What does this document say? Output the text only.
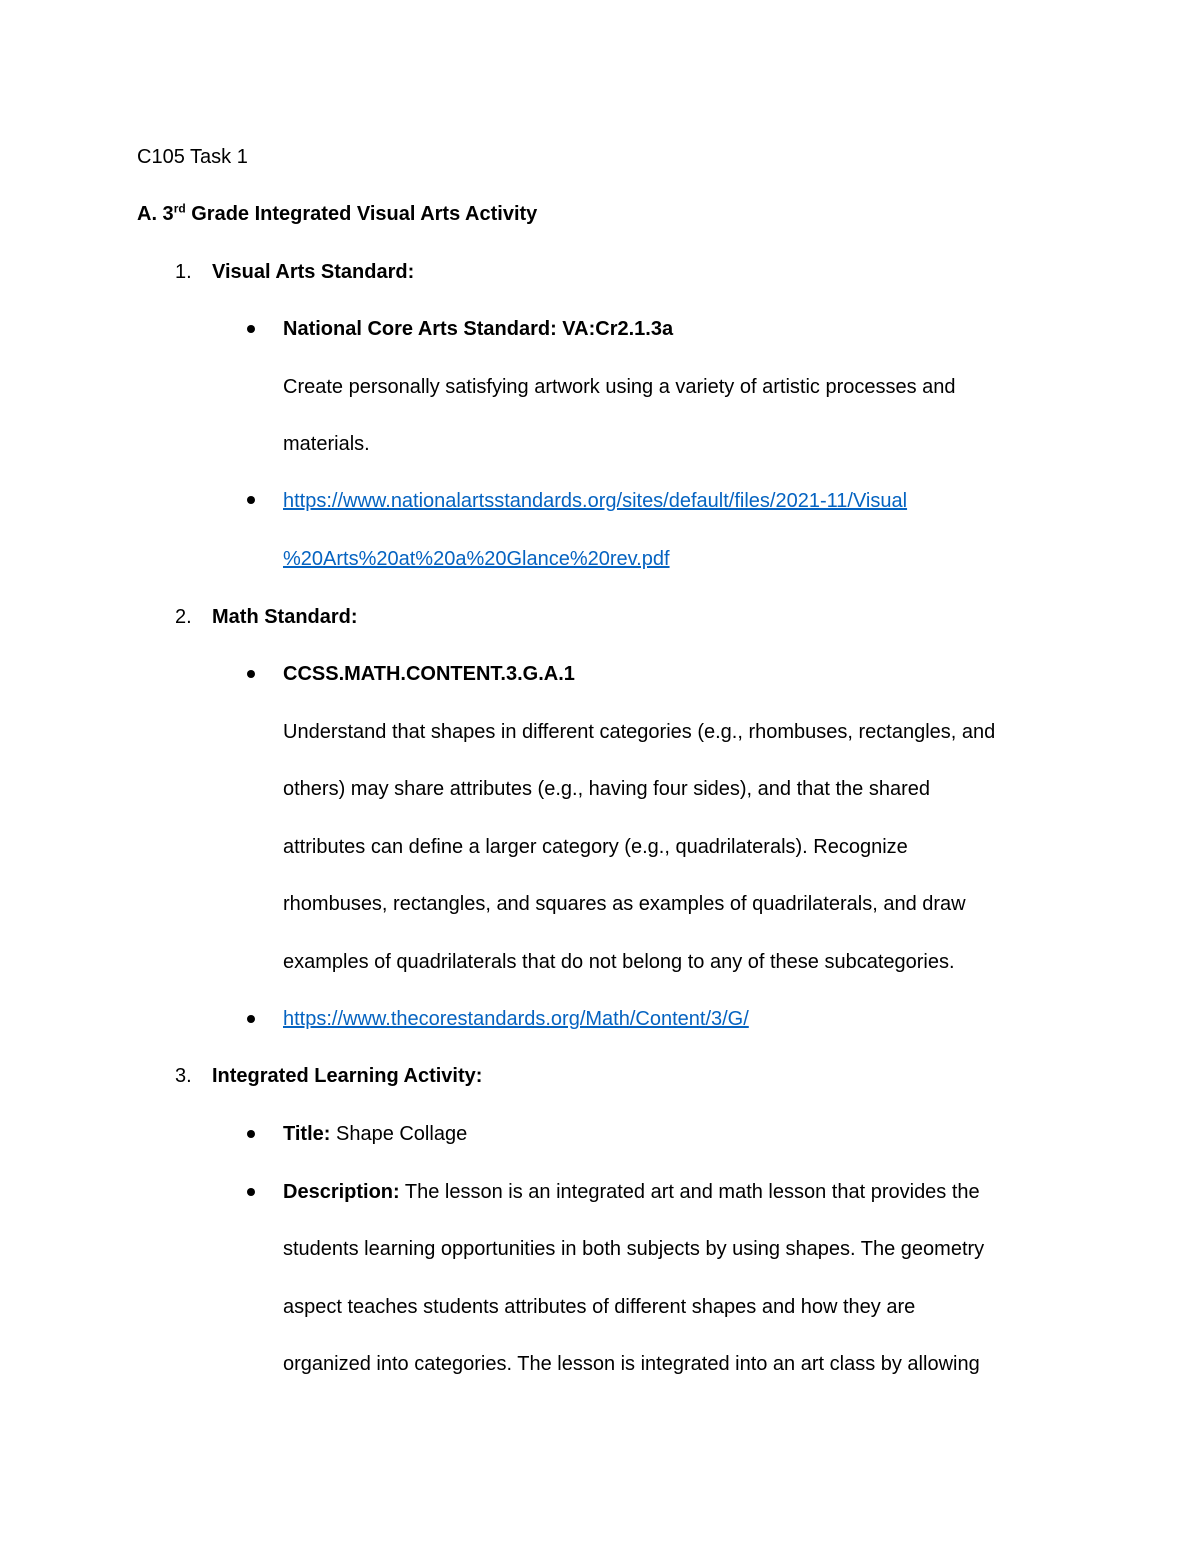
C105 Task 1
A. 3rd Grade Integrated Visual Arts Activity
1. Visual Arts Standard:
National Core Arts Standard: VA:Cr2.1.3a
Create personally satisfying artwork using a variety of artistic processes and
materials.
https://www.nationalartsstandards.org/sites/default/files/2021-11/Visual
%20Arts%20at%20a%20Glance%20rev.pdf
2. Math Standard:
CCSS.MATH.CONTENT.3.G.A.1
Understand that shapes in different categories (e.g., rhombuses, rectangles, and
others) may share attributes (e.g., having four sides), and that the shared
attributes can define a larger category (e.g., quadrilaterals). Recognize
rhombuses, rectangles, and squares as examples of quadrilaterals, and draw
examples of quadrilaterals that do not belong to any of these subcategories.
https://www.thecorestandards.org/Math/Content/3/G/
3. Integrated Learning Activity:
Title: Shape Collage
Description: The lesson is an integrated art and math lesson that provides the
students learning opportunities in both subjects by using shapes. The geometry
aspect teaches students attributes of different shapes and how they are
organized into categories. The lesson is integrated into an art class by allowing
